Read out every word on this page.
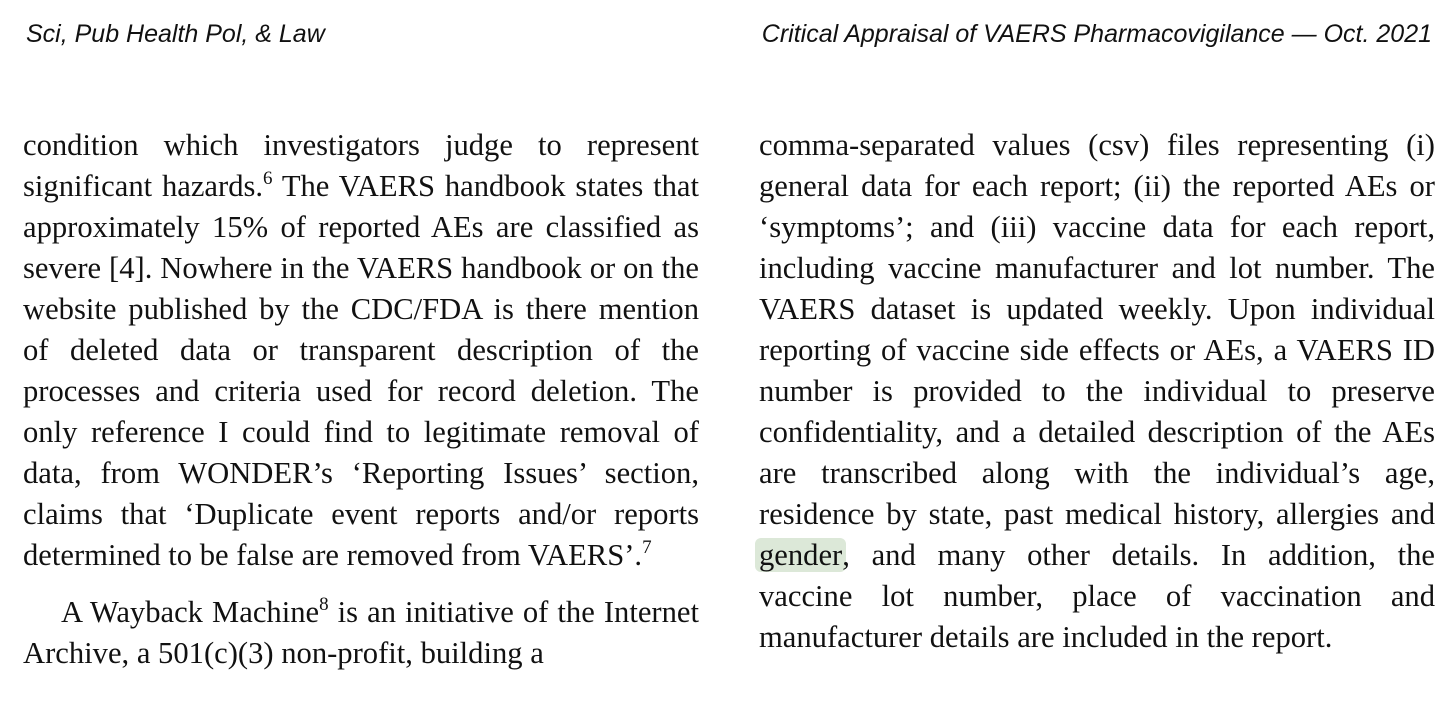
Sci, Pub Health Pol, & Law	Critical Appraisal of VAERS Pharmacovigilance — Oct. 2021

condition which investigators judge to represent significant hazards.$^6$ The VAERS handbook states that approximately 15% of reported AEs are classified as severe [4]. Nowhere in the VAERS handbook or on the website published by the CDC/FDA is there mention of deleted data or transparent description of the processes and criteria used for record deletion. The only reference I could find to legitimate removal of data, from WONDER’s ‘Reporting Issues’ section, claims that ‘Duplicate event reports and/or reports determined to be false are removed from VAERS’.$^7$

A Wayback Machine$^8$ is an initiative of the Internet Archive, a 501(c)(3) non-profit, building a

comma-separated values (csv) files representing (i) general data for each report; (ii) the reported AEs or ‘symptoms’; and (iii) vaccine data for each report, including vaccine manufacturer and lot number. The VAERS dataset is updated weekly. Upon individual reporting of vaccine side effects or AEs, a VAERS ID number is provided to the individual to preserve confidentiality, and a detailed description of the AEs are transcribed along with the individual’s age, residence by state, past medical history, allergies and gender, and many other details. In addition, the vaccine lot number, place of vaccination and manufacturer details are included in the report.
